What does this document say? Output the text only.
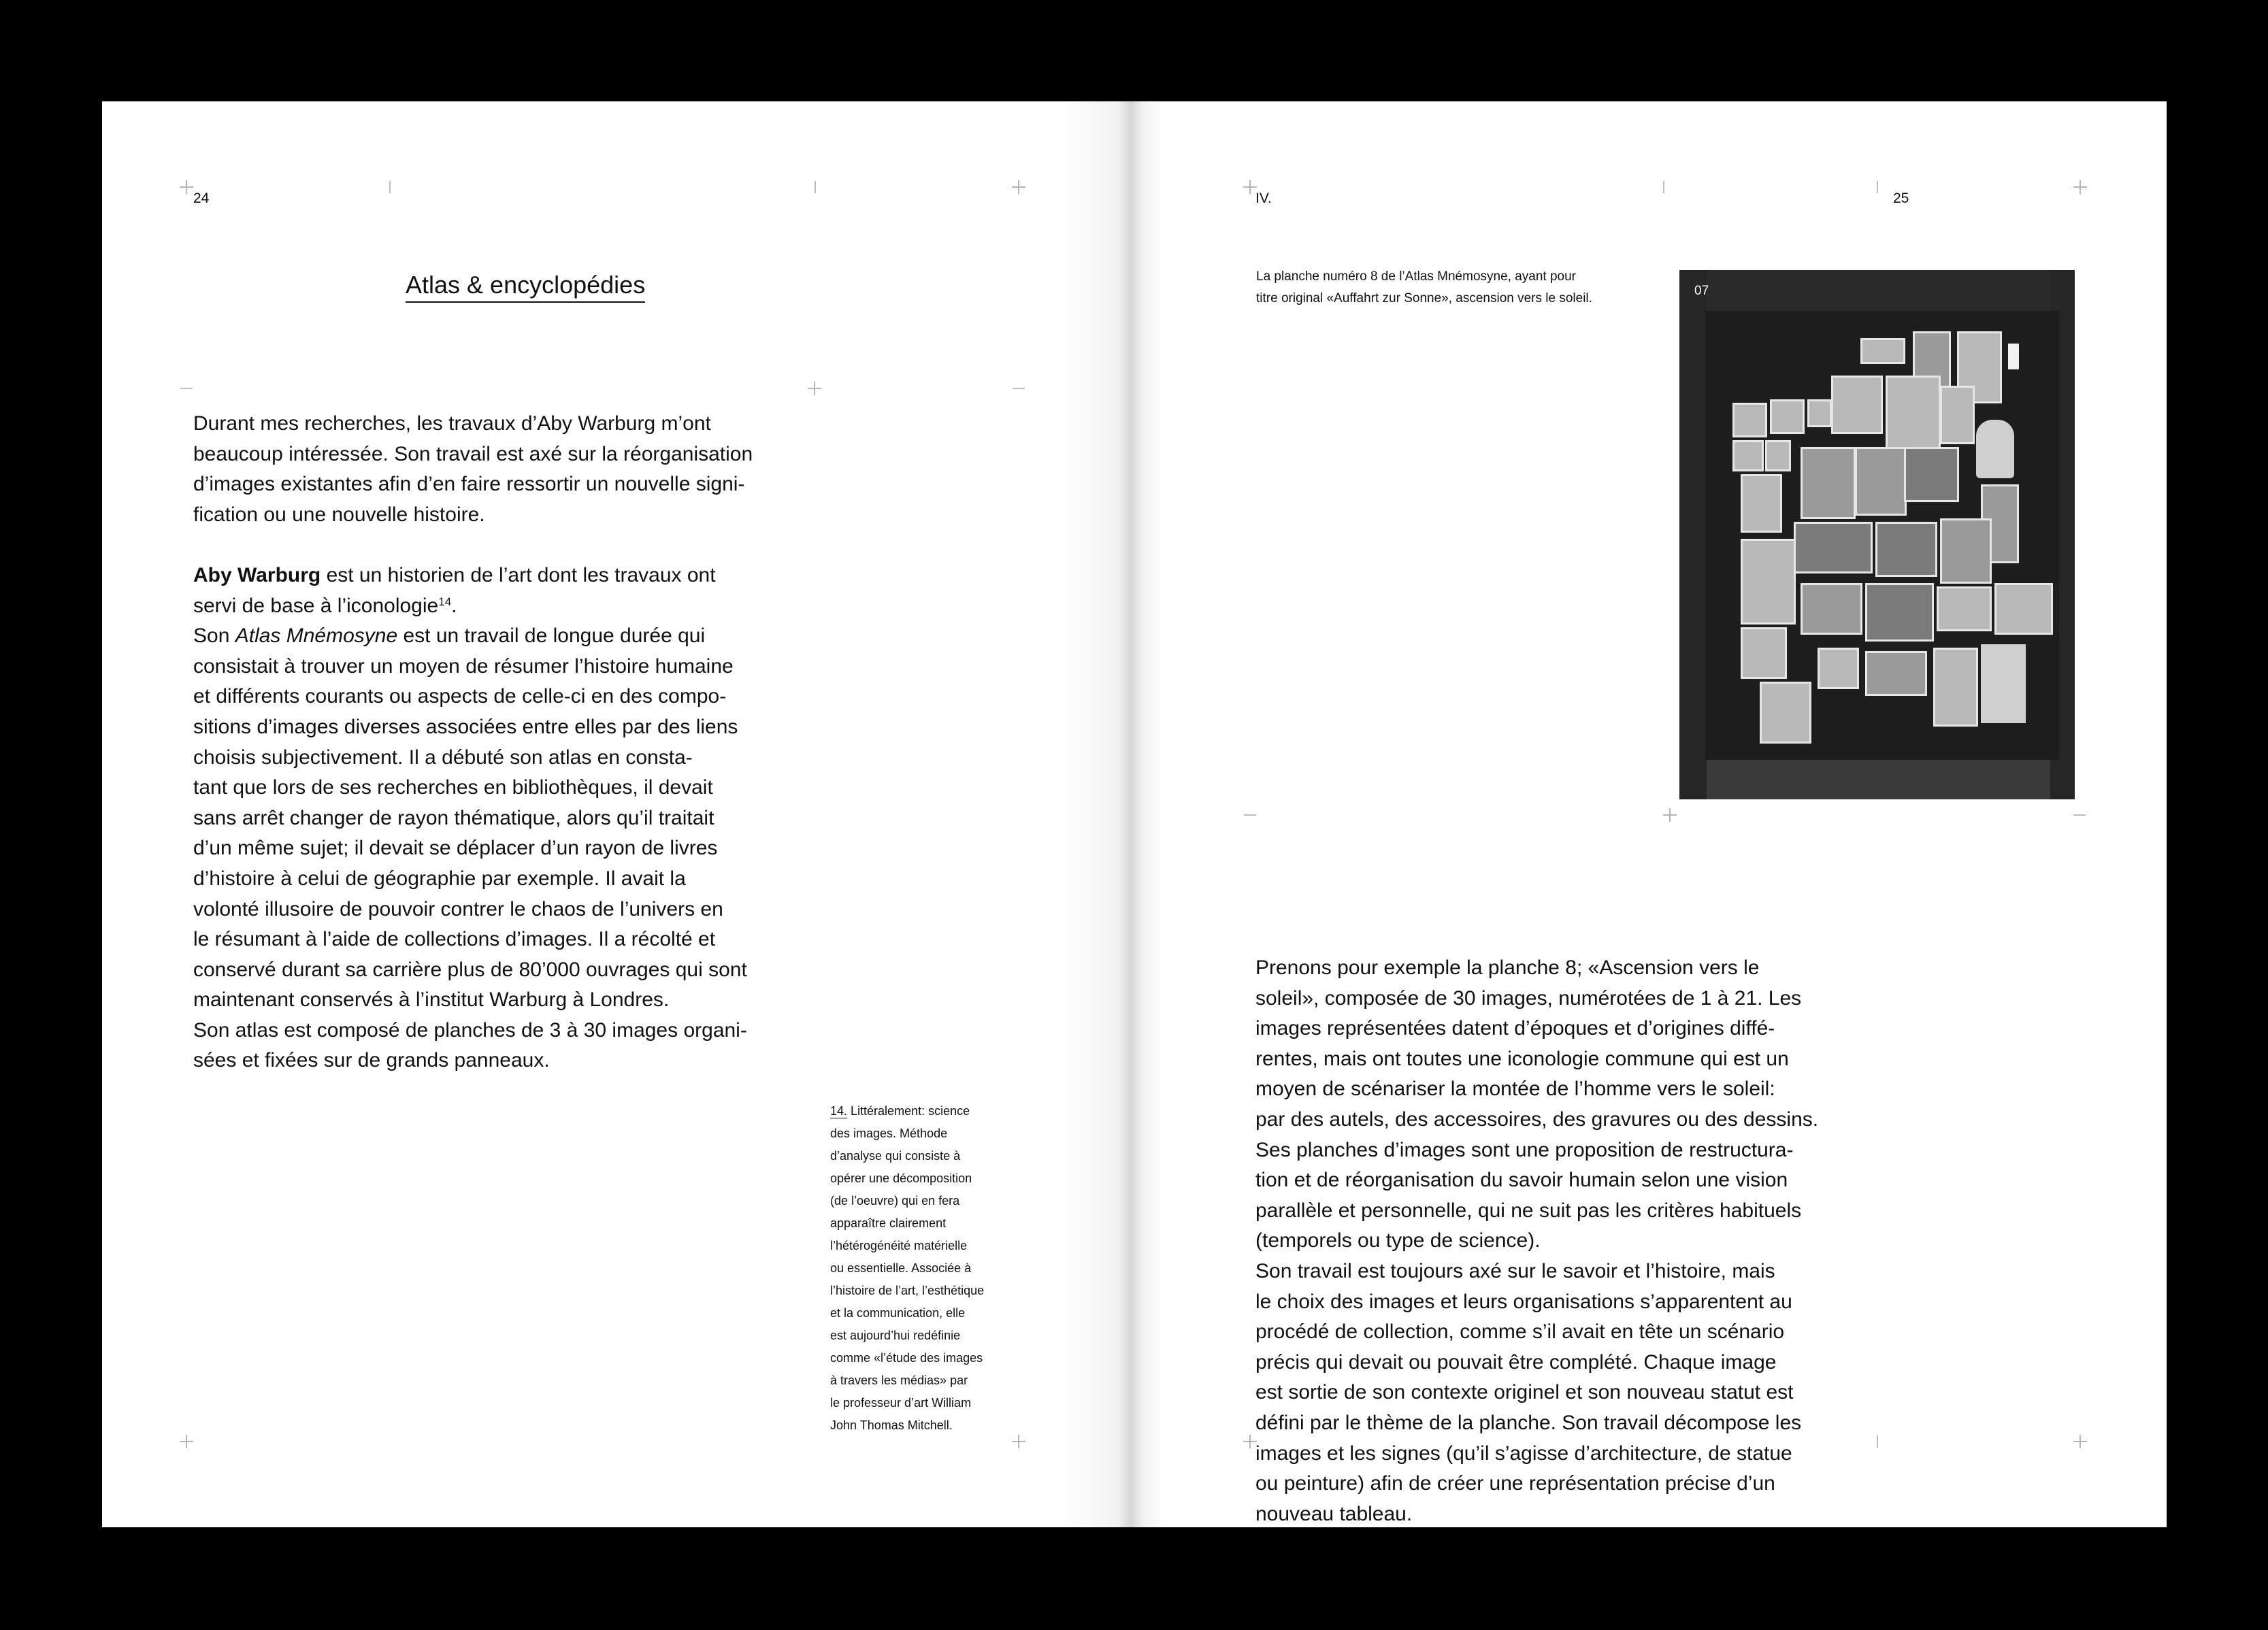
24
Atlas & encyclopédies
Durant mes recherches, les travaux d’Aby Warburg m’ont
beaucoup intéressée. Son travail est axé sur la réorganisation
d’images existantes afin d’en faire ressortir un nouvelle signi-
fication ou une nouvelle histoire.
Aby Warburg est un historien de l’art dont les travaux ont
servi de base à l’iconologie$^{14}$.
Son Atlas Mnémosyne est un travail de longue durée qui
consistait à trouver un moyen de résumer l’histoire humaine
et différents courants ou aspects de celle-ci en des compo-
sitions d’images diverses associées entre elles par des liens
choisis subjectivement. Il a débuté son atlas en consta-
tant que lors de ses recherches en bibliothèques, il devait
sans arrêt changer de rayon thématique, alors qu’il traitait
d’un même sujet; il devait se déplacer d’un rayon de livres
d’histoire à celui de géographie par exemple. Il avait la
volonté illusoire de pouvoir contrer le chaos de l’univers en
le résumant à l’aide de collections d’images. Il a récolté et
conservé durant sa carrière plus de 80’000 ouvrages qui sont
maintenant conservés à l’institut Warburg à Londres.
Son atlas est composé de planches de 3 à 30 images organi-
sées et fixées sur de grands panneaux.
14. Littéralement: science
des images. Méthode
d’analyse qui consiste à
opérer une décomposition
(de l’oeuvre) qui en fera
apparaître clairement
l’hétérogénéité matérielle
ou essentielle. Associée à
l’histoire de l’art, l’esthétique
et la communication, elle
est aujourd’hui redéfinie
comme «l’étude des images
à travers les médias» par
le professeur d’art William
John Thomas Mitchell.
IV.	25
La planche numéro 8 de l’Atlas Mnémosyne, ayant pour
titre original «Auffahrt zur Sonne», ascension vers le soleil.
07
Prenons pour exemple la planche 8; «Ascension vers le
soleil», composée de 30 images, numérotées de 1 à 21. Les
images représentées datent d’époques et d’origines diffé-
rentes, mais ont toutes une iconologie commune qui est un
moyen de scénariser la montée de l’homme vers le soleil:
par des autels, des accessoires, des gravures ou des dessins.
Ses planches d’images sont une proposition de restructura-
tion et de réorganisation du savoir humain selon une vision
parallèle et personnelle, qui ne suit pas les critères habituels
(temporels ou type de science).
Son travail est toujours axé sur le savoir et l’histoire, mais
le choix des images et leurs organisations s’apparentent au
procédé de collection, comme s’il avait en tête un scénario
précis qui devait ou pouvait être complété. Chaque image
est sortie de son contexte originel et son nouveau statut est
défini par le thème de la planche. Son travail décompose les
images et les signes (qu’il s’agisse d’architecture, de statue
ou peinture) afin de créer une représentation précise d’un
nouveau tableau.
